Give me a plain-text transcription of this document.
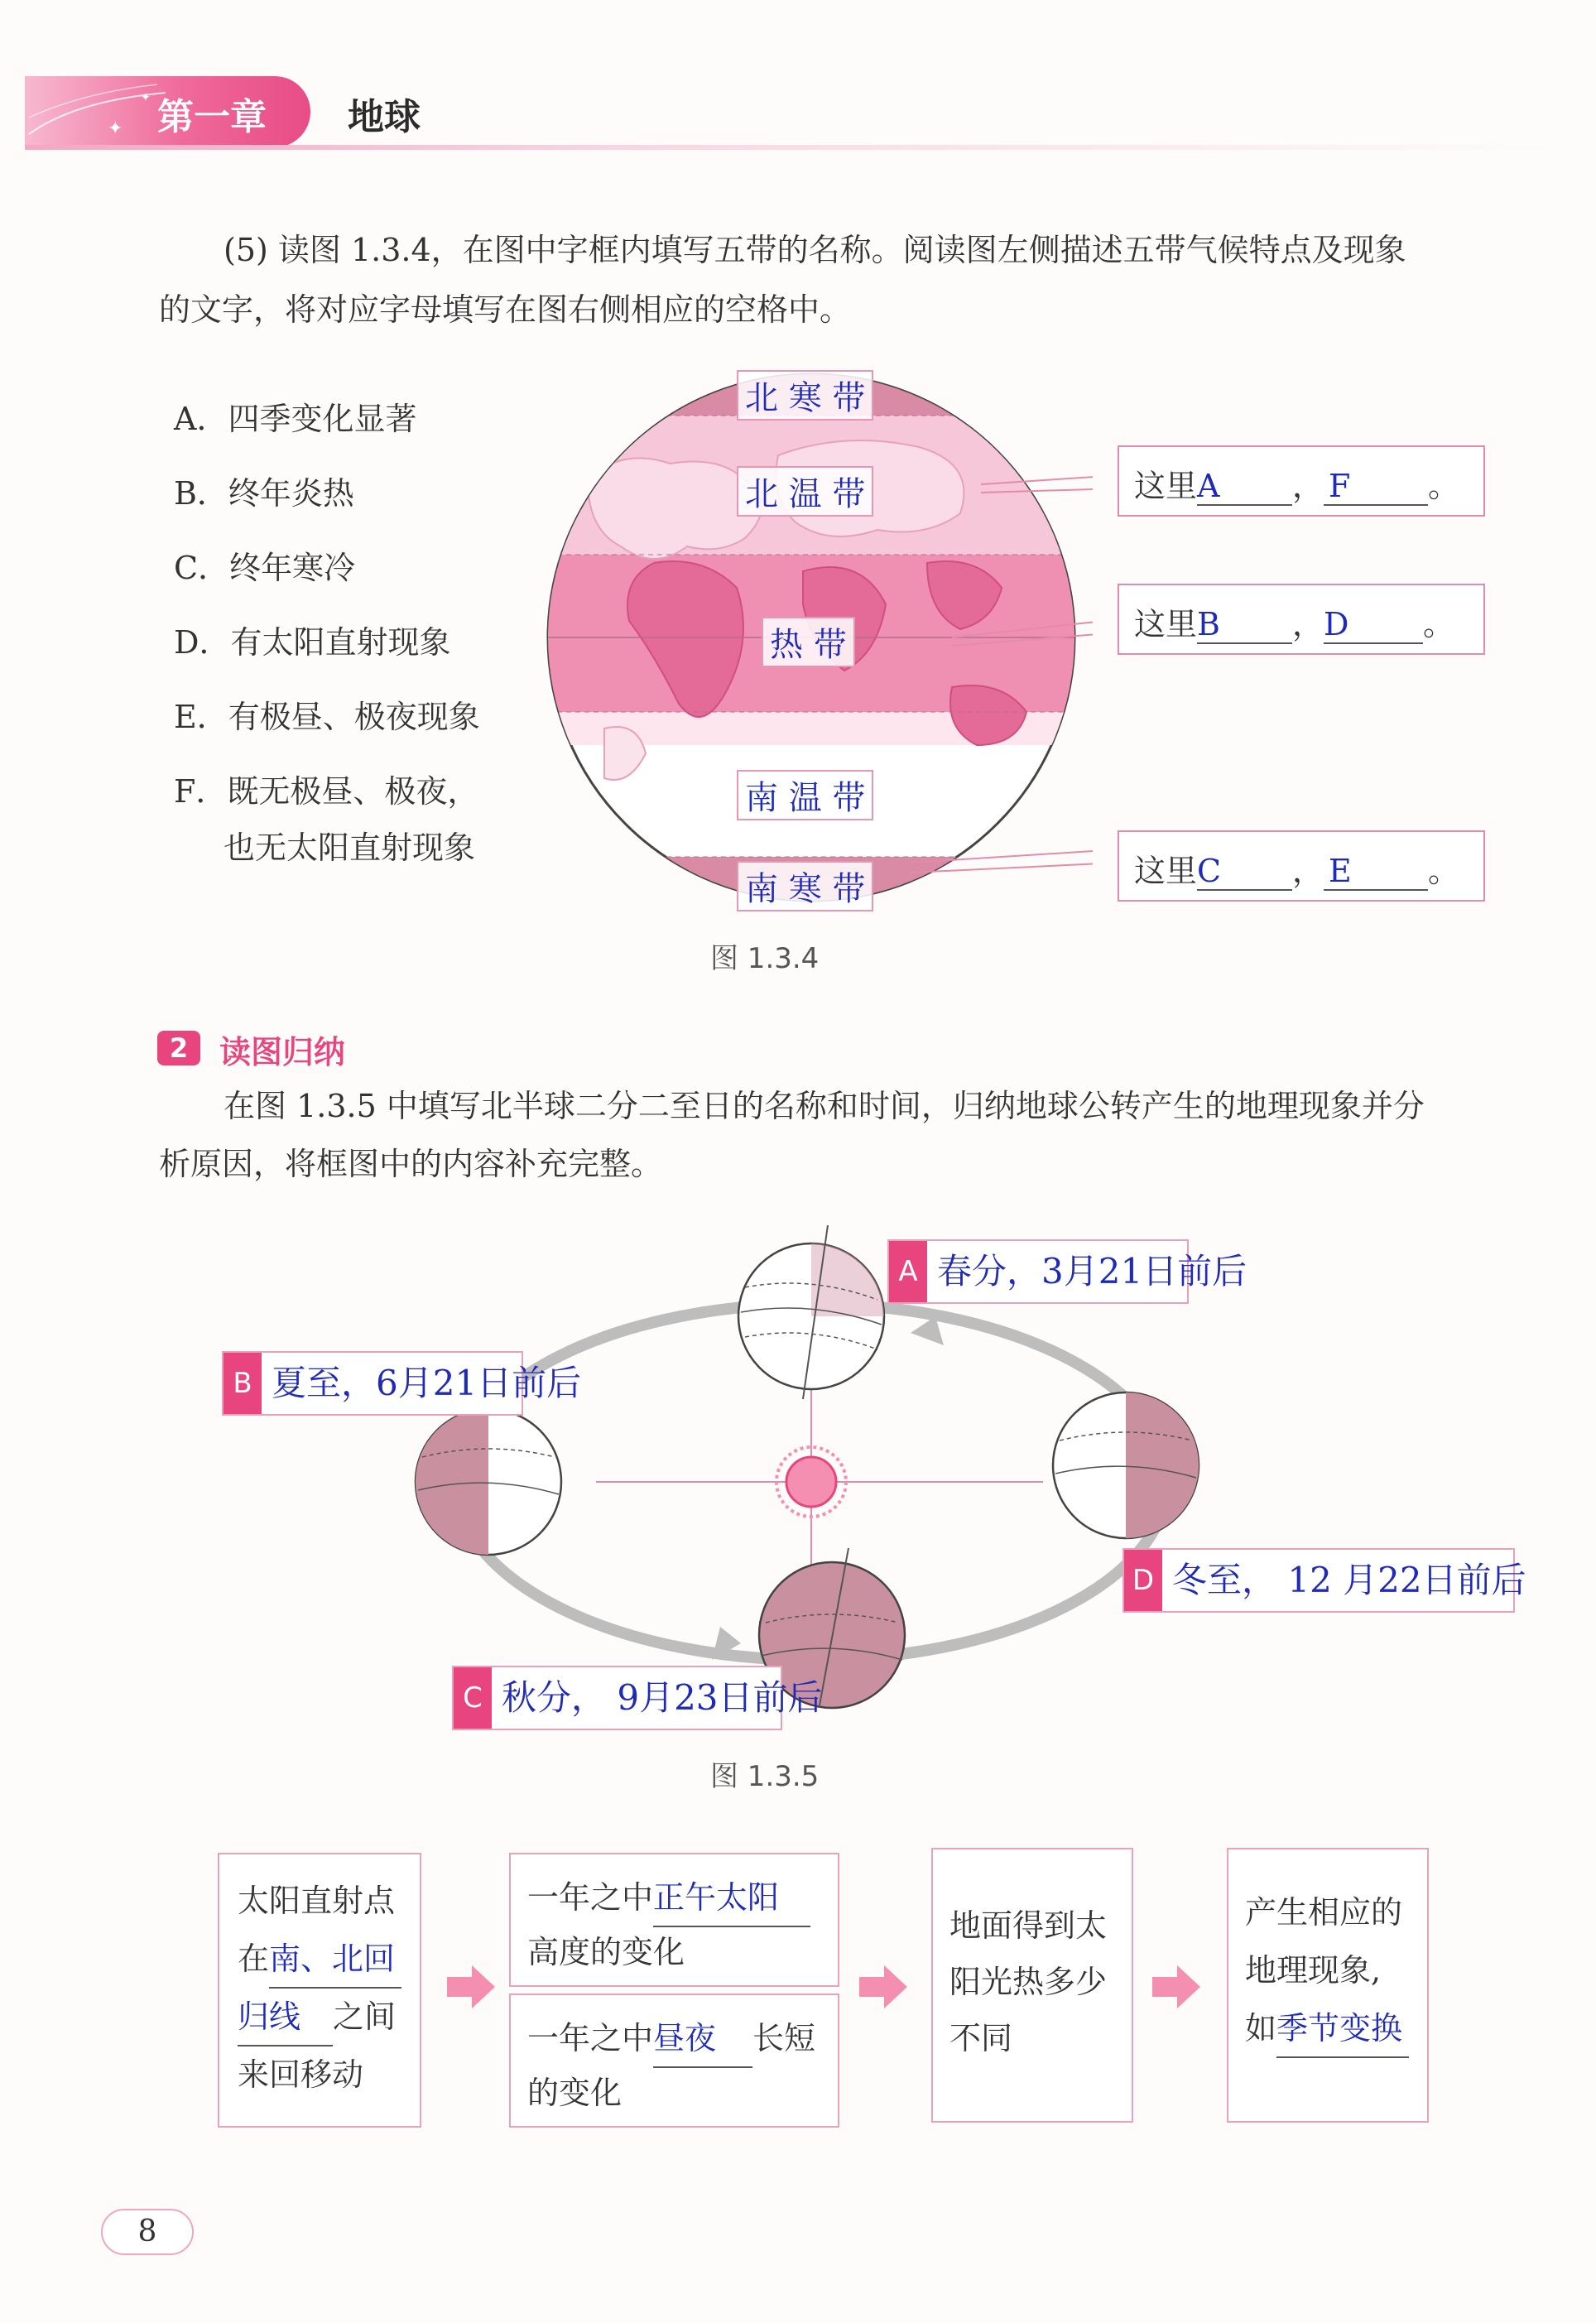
✦
✦ 第一章 地球
(5) 读图 1.3.4，在图中字框内填写五带的名称。阅读图左侧描述五带气候特点及现象
的文字，将对应字母填写在图右侧相应的空格中。
A．四季变化显著
B．终年炎热
C．终年寒冷
D．有太阳直射现象
E．有极昼、极夜现象
F．既无极昼、极夜，
也无太阳直射现象
北 寒 带
北 温 带
热 带
南 温 带
南 寒 带
这里A ， F 。
这里B ，D 。
这里C ， E 。
图 1.3.4
2 读图归纳
在图 1.3.5 中填写北半球二分二至日的名称和时间，归纳地球公转产生的地理现象并分
析原因，将框图中的内容补充完整。
A 春分，3月21日前后
B 夏至，6月21日前后
C 秋分， 9月23日前后
D 冬至， 12 月22日前后
图 1.3.5
太阳直射点
在南、北回
归线 之间
来回移动
一年之中正午太阳
高度的变化
一年之中昼夜 长短
的变化
地面得到太
阳光热多少
不同
产生相应的
地理现象,
如季节变换
8
